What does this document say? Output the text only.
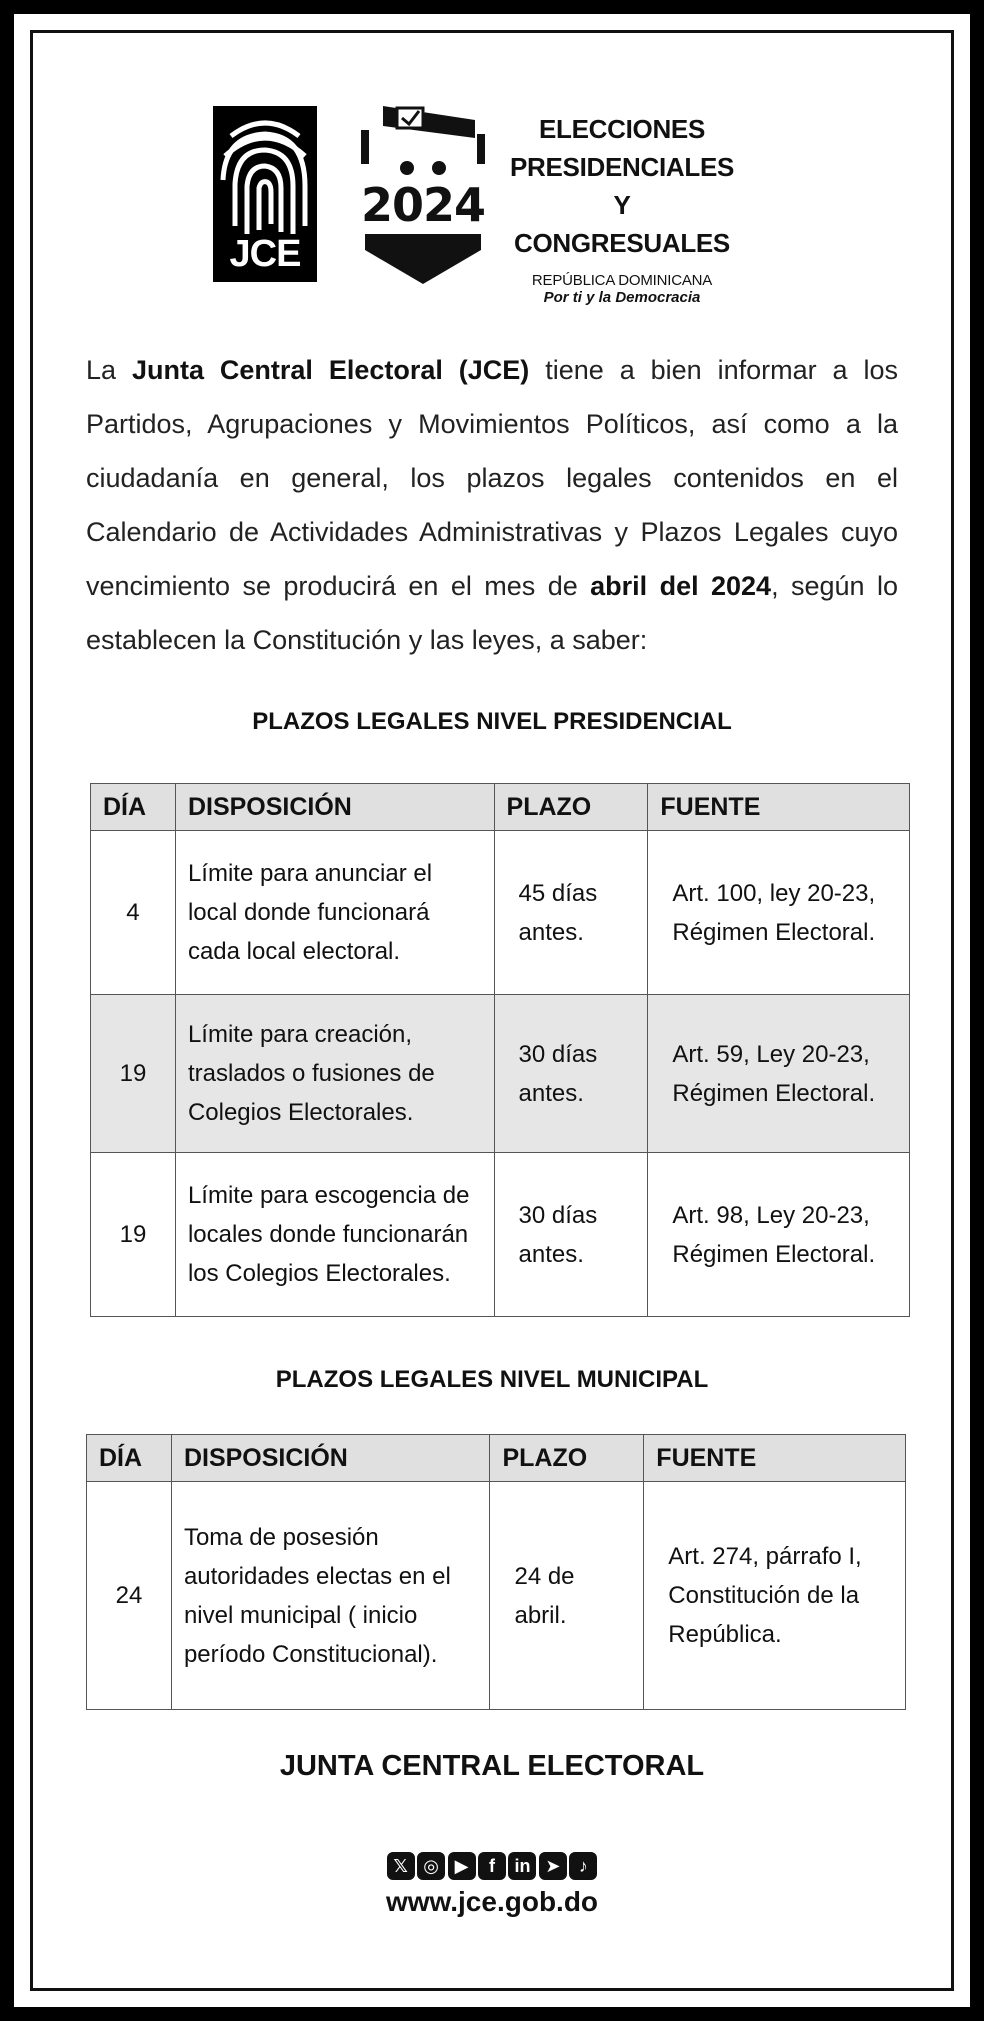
JCE
2024
ELECCIONES
PRESIDENCIALES
Y CONGRESUALES
REPÚBLICA DOMINICANA
Por ti y la Democracia
La Junta Central Electoral (JCE) tiene a bien informar a los Partidos, Agrupaciones y Movimientos Políticos, así como a la ciudadanía en general, los plazos legales contenidos en el Calendario de Actividades Administrativas y Plazos Legales cuyo vencimiento se producirá en el mes de abril del 2024, según lo establecen la Constitución y las leyes, a saber:
PLAZOS LEGALES NIVEL PRESIDENCIAL
DÍA	DISPOSICIÓN	PLAZO	FUENTE
4	Límite para anunciar el local donde funcionará cada local electoral.	45 días antes.	Art. 100, ley 20-23, Régimen Electoral.
19	Límite para creación, traslados o fusiones de Colegios Electorales.	30 días antes.	Art. 59, Ley 20-23, Régimen Electoral.
19	Límite para escogencia de locales donde funcionarán los Colegios Electorales.	30 días antes.	Art. 98, Ley 20-23, Régimen Electoral.
PLAZOS LEGALES NIVEL MUNICIPAL
DÍA	DISPOSICIÓN	PLAZO	FUENTE
24	Toma de posesión autoridades electas en el nivel municipal ( inicio período Constitucional).	24 de abril.	Art. 274, párrafo I, Constitución de la República.
JUNTA CENTRAL ELECTORAL
𝕏 ◎ ▶ f in ➤ ♪
www.jce.gob.do
